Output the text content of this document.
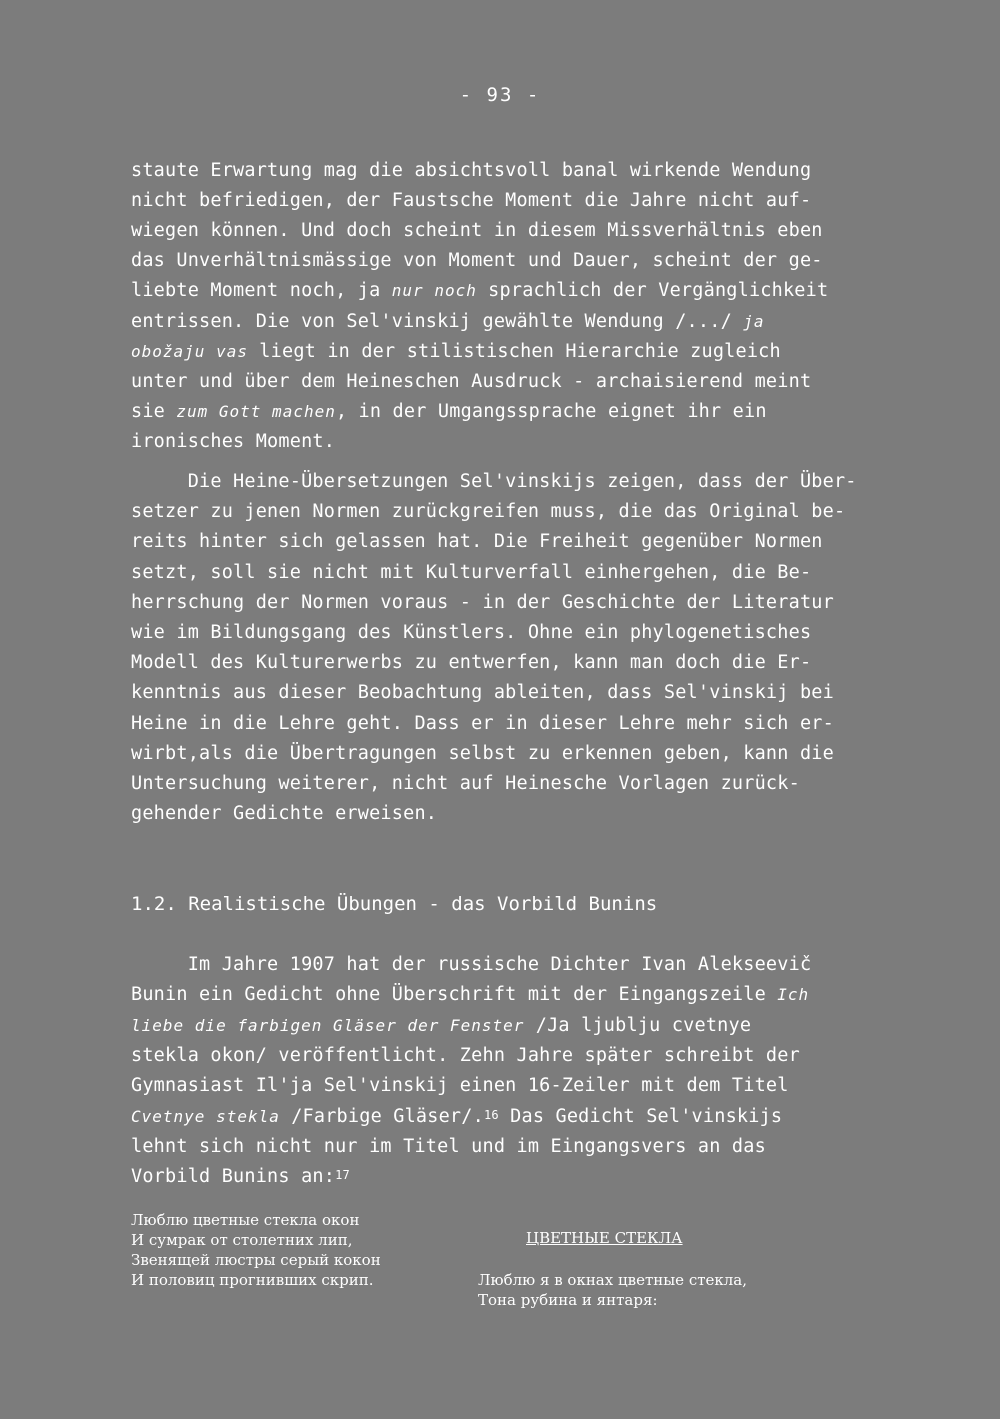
- 93 -
staute Erwartung mag die absichtsvoll banal wirkende Wendung
nicht befriedigen, der Faustsche Moment die Jahre nicht auf-
wiegen können. Und doch scheint in diesem Missverhältnis eben
das Unverhältnismässige von Moment und Dauer, scheint der ge-
liebte Moment noch, ja nur noch sprachlich der Vergänglichkeit
entrissen. Die von Sel'vinskij gewählte Wendung /.../ ja
obožaju vas liegt in der stilistischen Hierarchie zugleich
unter und über dem Heineschen Ausdruck - archaisierend meint
sie zum Gott machen, in der Umgangssprache eignet ihr ein
ironisches Moment.
Die Heine-Übersetzungen Sel'vinskijs zeigen, dass der Über-
setzer zu jenen Normen zurückgreifen muss, die das Original be-
reits hinter sich gelassen hat. Die Freiheit gegenüber Normen
setzt, soll sie nicht mit Kulturverfall einhergehen, die Be-
herrschung der Normen voraus - in der Geschichte der Literatur
wie im Bildungsgang des Künstlers. Ohne ein phylogenetisches
Modell des Kulturerwerbs zu entwerfen, kann man doch die Er-
kenntnis aus dieser Beobachtung ableiten, dass Sel'vinskij bei
Heine in die Lehre geht. Dass er in dieser Lehre mehr sich er-
wirbt,als die Übertragungen selbst zu erkennen geben, kann die
Untersuchung weiterer, nicht auf Heinesche Vorlagen zurück-
gehender Gedichte erweisen.
1.2. Realistische Übungen - das Vorbild Bunins
Im Jahre 1907 hat der russische Dichter Ivan Alekseevič
Bunin ein Gedicht ohne Überschrift mit der Eingangszeile Ich
liebe die farbigen Gläser der Fenster /Ja ljublju cvetnye
stekla okon/ veröffentlicht. Zehn Jahre später schreibt der
Gymnasiast Il'ja Sel'vinskij einen 16-Zeiler mit dem Titel
Cvetnye stekla /Farbige Gläser/.$^{16}$ Das Gedicht Sel'vinskijs
lehnt sich nicht nur im Titel und im Eingangsvers an das
Vorbild Bunins an:$^{17}$
Люблю цветные стекла окон
И сумрак от столетних лип,
Звенящей люстры серый кокон
И половиц прогнивших скрип.
ЦВЕТНЫЕ СТЕКЛА
Люблю я в окнах цветные стекла,
Тона рубина и янтаря:
